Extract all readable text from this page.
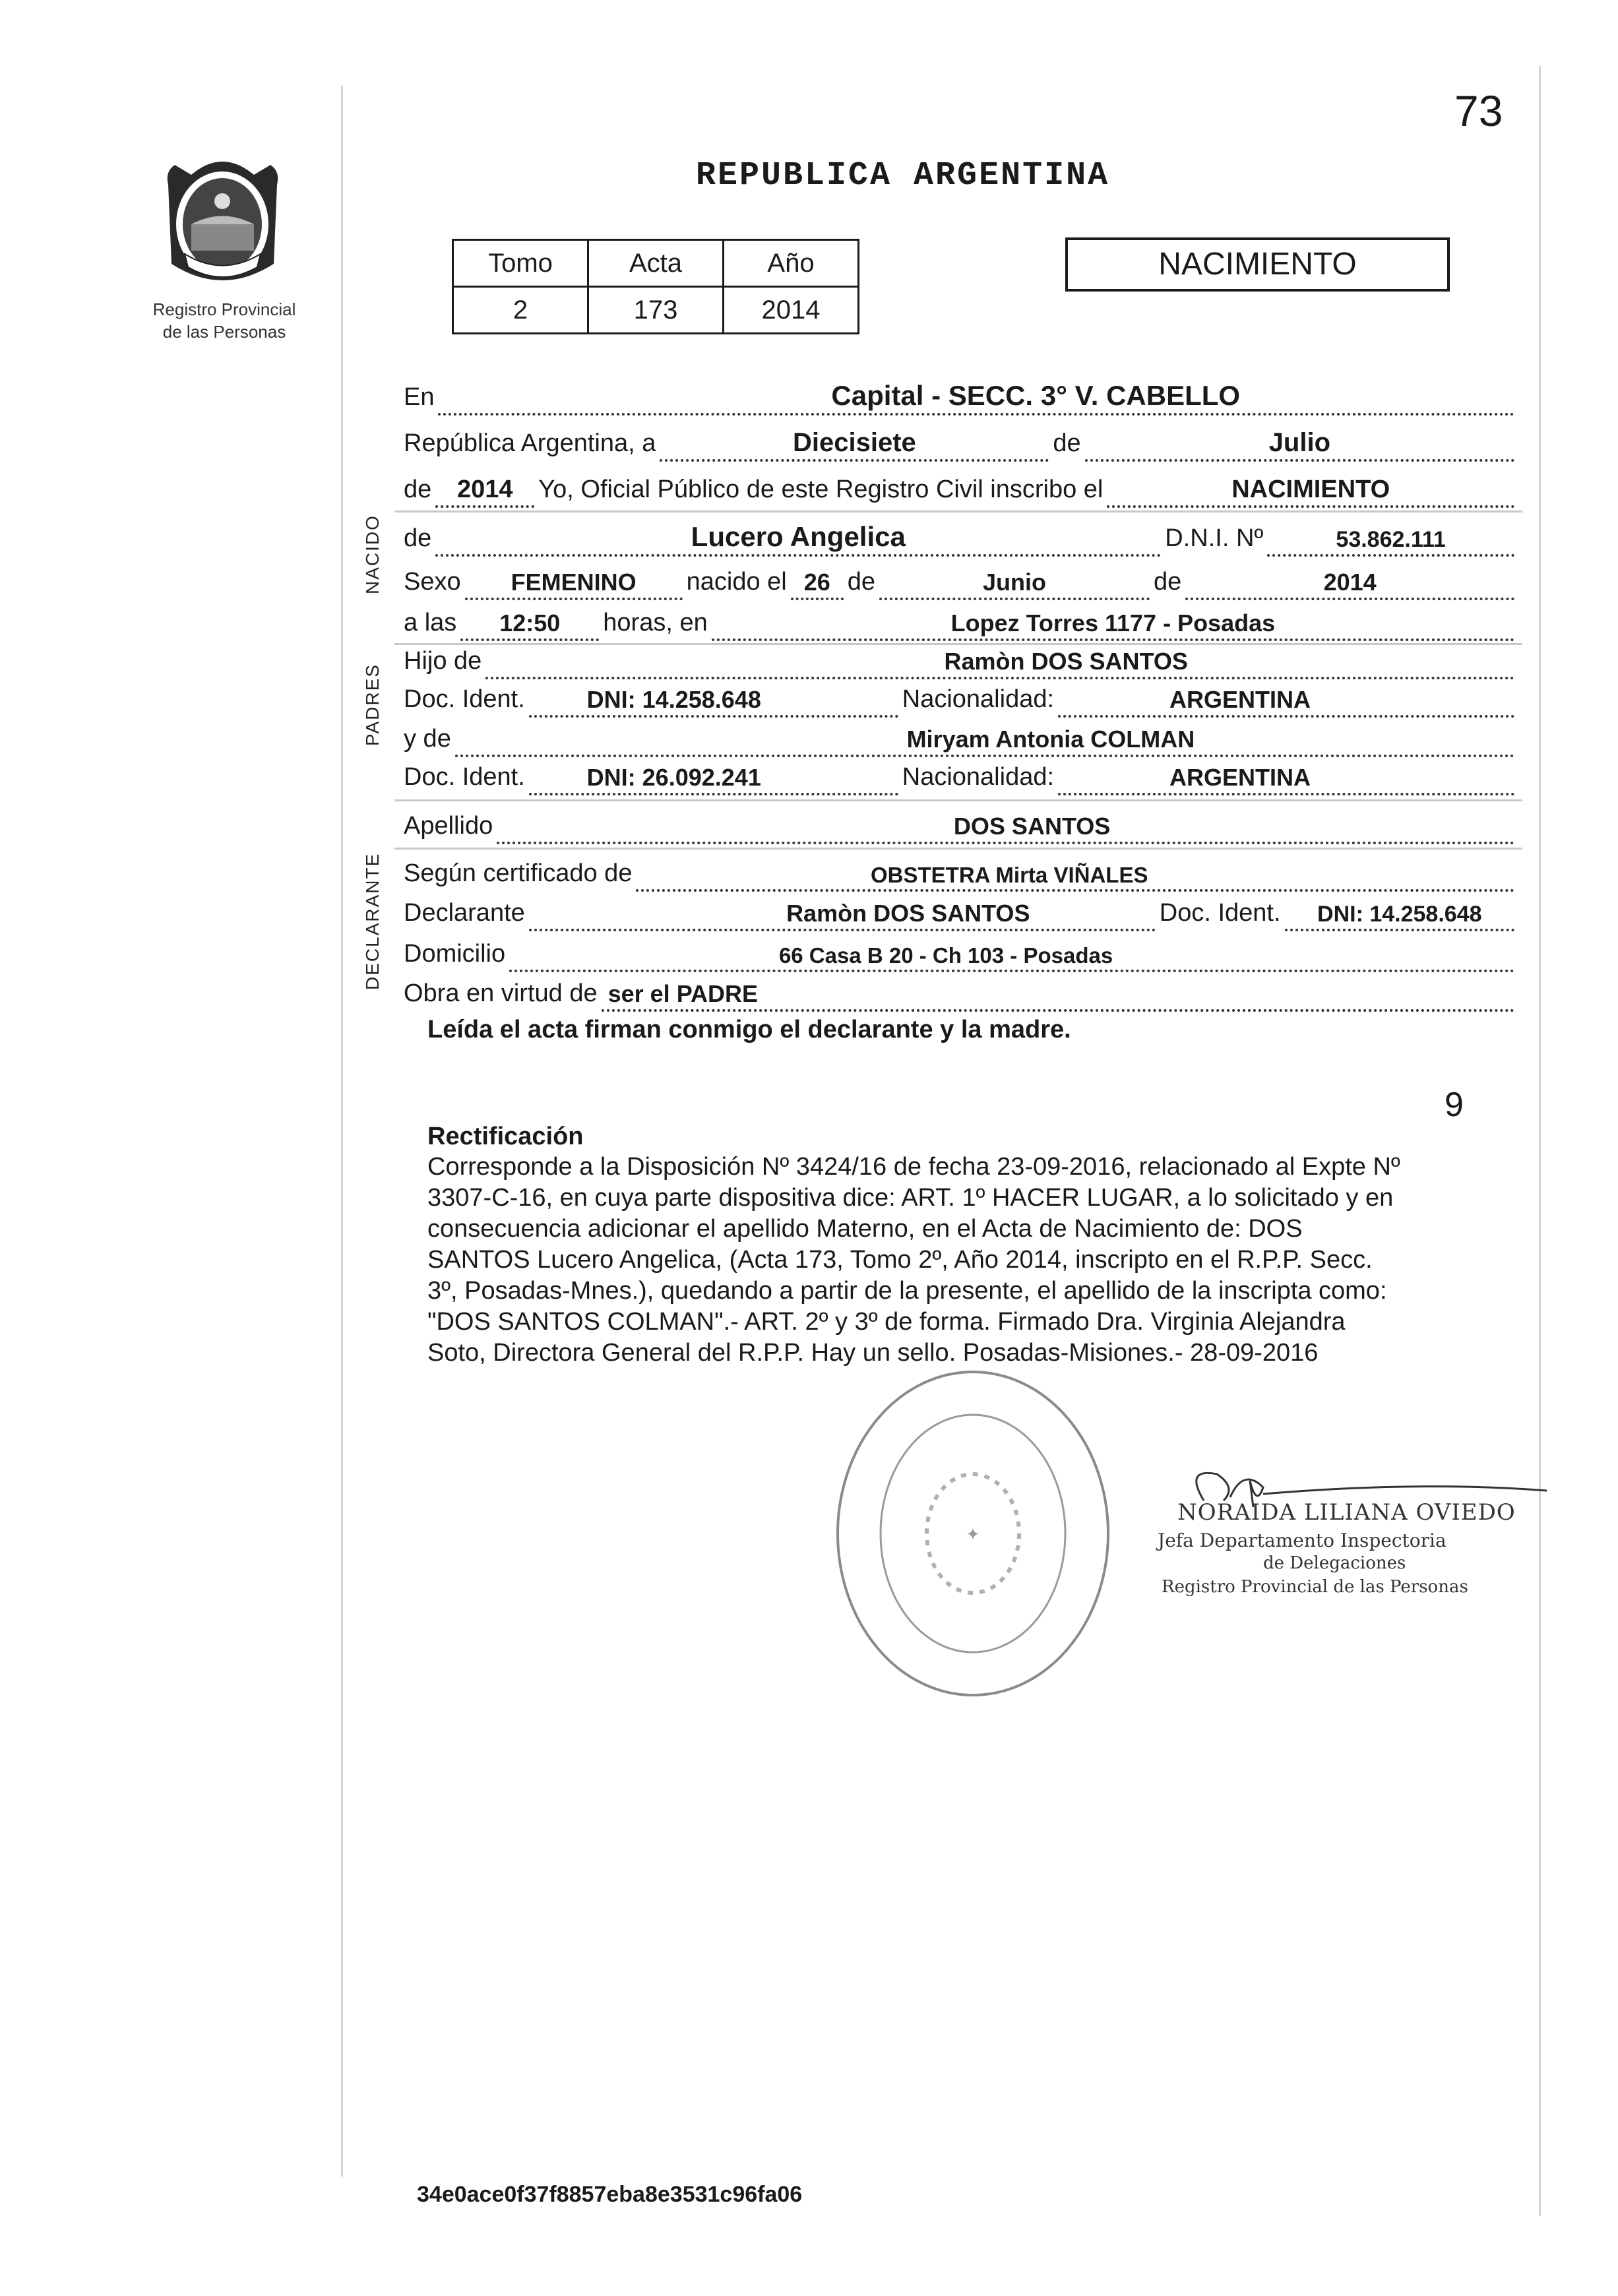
73
REPUBLICA ARGENTINA
Registro Provincial
de las Personas
Tomo	Acta	Año
2	173	2014
NACIMIENTO
En	Capital - SECC. 3° V. CABELLO
República Argentina, a	Diecisiete	de	Julio
de	2014	Yo, Oficial Público de este Registro Civil inscribo el	NACIMIENTO
de	Lucero Angelica	D.N.I. Nº	53.862.111
Sexo	FEMENINO	nacido el 26 de	Junio	de	2014
a las	12:50	horas, en	Lopez Torres 1177 - Posadas
NACIDO
Hijo de	Ramòn DOS SANTOS
Doc. Ident.	DNI: 14.258.648	Nacionalidad:	ARGENTINA
y de	Miryam Antonia COLMAN
Doc. Ident.	DNI: 26.092.241	Nacionalidad:	ARGENTINA
PADRES
Apellido	DOS SANTOS
Según certificado de	OBSTETRA Mirta VIÑALES
Declarante	Ramòn DOS SANTOS	Doc. Ident.	DNI: 14.258.648
Domicilio	66 Casa B 20 - Ch 103 - Posadas
Obra en virtud de ser el PADRE
DECLARANTE
Leída el acta firman conmigo el declarante y la madre.
9
Rectificación
Corresponde a la Disposición Nº 3424/16 de fecha 23-09-2016, relacionado al Expte Nº
3307-C-16, en cuya parte dispositiva dice: ART. 1º HACER LUGAR, a lo solicitado y en
consecuencia adicionar el apellido Materno, en el Acta de Nacimiento de: DOS
SANTOS Lucero Angelica, (Acta 173, Tomo 2º, Año 2014, inscripto en el R.P.P. Secc.
3º, Posadas-Mnes.), quedando a partir de la presente, el apellido de la inscripta como:
"DOS SANTOS COLMAN".- ART. 2º y 3º de forma. Firmado Dra. Virginia Alejandra
Soto, Directora General del R.P.P. Hay un sello. Posadas-Misiones.- 28-09-2016
✦
NORAIDA LILIANA OVIEDO
Jefa Departamento Inspectoria
de Delegaciones
Registro Provincial de las Personas
34e0ace0f37f8857eba8e3531c96fa06
